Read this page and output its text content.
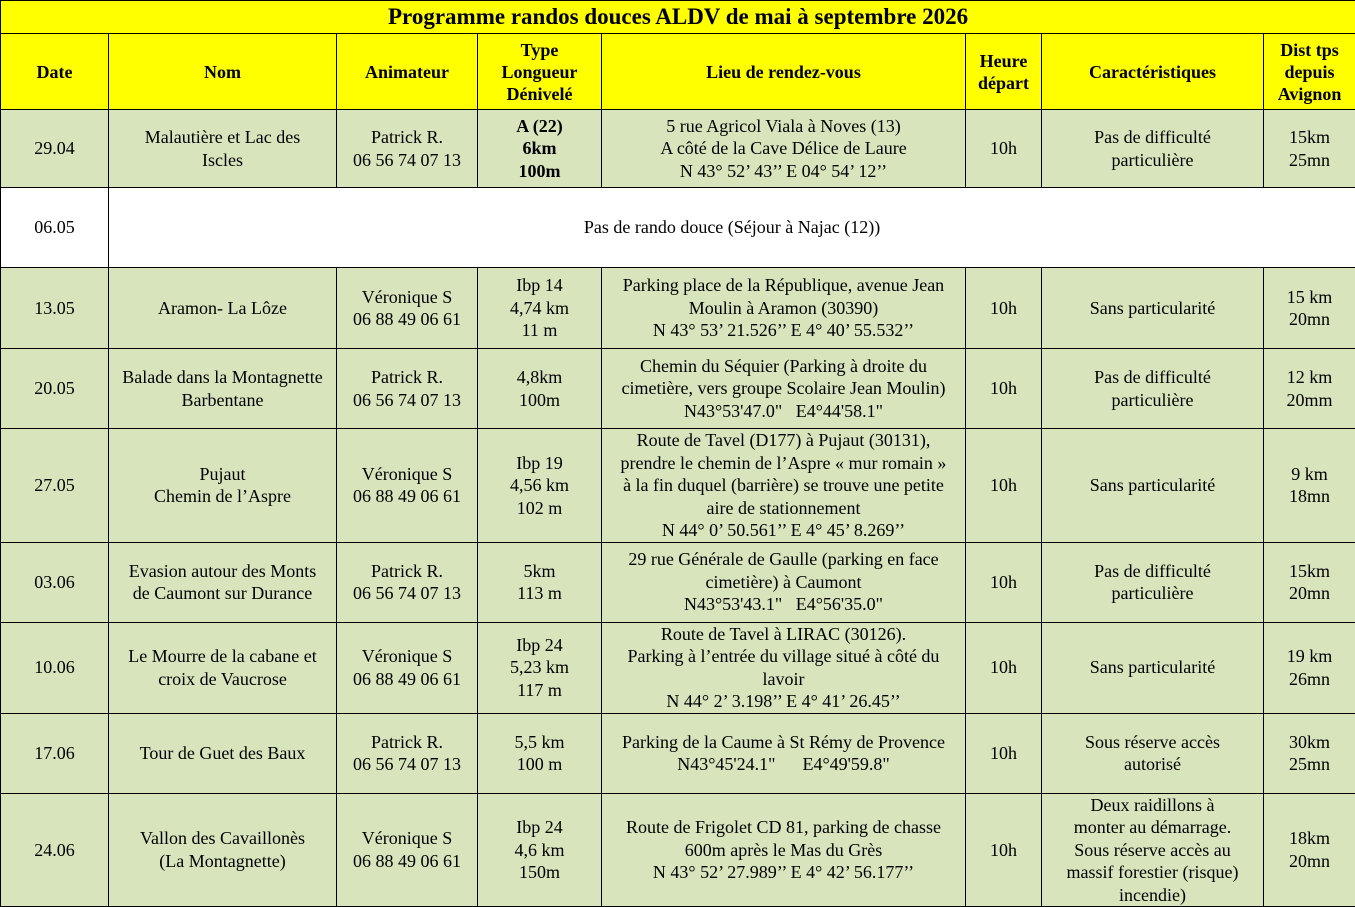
Programme randos douces ALDV de mai à septembre 2026							
Date	Nom	Animateur	Type
Longueur
Dénivelé	Lieu de rendez-vous	Heure
départ	Caractéristiques	Dist tps
depuis
Avignon

29.04	Malautière et Lac des
Iscles	Patrick R.
06 56 74 07 13	A (22)
6km
100m	5 rue Agricol Viala à Noves (13)
A côté de la Cave Délice de Laure
N 43° 52’ 43’’ E 04° 54’ 12’’	10h	Pas de difficulté
particulière	15km
25mn

06.05	Pas de rando douce (Séjour à Najac (12))						
13.05	Aramon- La Lôze	Véronique S
06 88 49 06 61	Ibp 14
4,74 km
11 m	Parking place de la République, avenue Jean
Moulin à Aramon (30390)
N 43° 53’ 21.526’’ E 4° 40’ 55.532’’	10h	Sans particularité	15 km
20mn

20.05	Balade dans la Montagnette
Barbentane	Patrick R.
06 56 74 07 13	4,8km
100m	Chemin du Séquier (Parking à droite du
cimetière, vers groupe Scolaire Jean Moulin)
N43°53'47.0"   E4°44'58.1"	10h	Pas de difficulté
particulière	12 km
20mm

27.05	Pujaut
Chemin de l’Aspre	Véronique S
06 88 49 06 61	Ibp 19
4,56 km
102 m	Route de Tavel (D177) à Pujaut (30131),
prendre le chemin de l’Aspre « mur romain »
à la fin duquel (barrière) se trouve une petite
aire de stationnement
N 44° 0’ 50.561’’ E 4° 45’ 8.269’’	10h	Sans particularité	9 km
18mn

03.06	Evasion autour des Monts
de Caumont sur Durance	Patrick R.
06 56 74 07 13	5km
113 m	29 rue Générale de Gaulle (parking en face
cimetière) à Caumont
N43°53'43.1"   E4°56'35.0"	10h	Pas de difficulté
particulière	15km
20mn

10.06	Le Mourre de la cabane et
croix de Vaucrose	Véronique S
06 88 49 06 61	Ibp 24
5,23 km
117 m	Route de Tavel à LIRAC (30126).
Parking à l’entrée du village situé à côté du
lavoir
N 44° 2’ 3.198’’ E 4° 41’ 26.45’’	10h	Sans particularité	19 km
26mn

17.06	Tour de Guet des Baux	Patrick R.
06 56 74 07 13	5,5 km
100 m	Parking de la Caume à St Rémy de Provence
N43°45'24.1"      E4°49'59.8"	10h	Sous réserve accès
autorisé	30km
25mn

24.06	Vallon des Cavaillonès
(La Montagnette)	Véronique S
06 88 49 06 61	Ibp 24
4,6 km
150m	Route de Frigolet CD 81, parking de chasse
600m après le Mas du Grès
N 43° 52’ 27.989’’ E 4° 42’ 56.177’’	10h	Deux raidillons à
monter au démarrage.
Sous réserve accès au
massif forestier (risque)
incendie)	18km
20mn
